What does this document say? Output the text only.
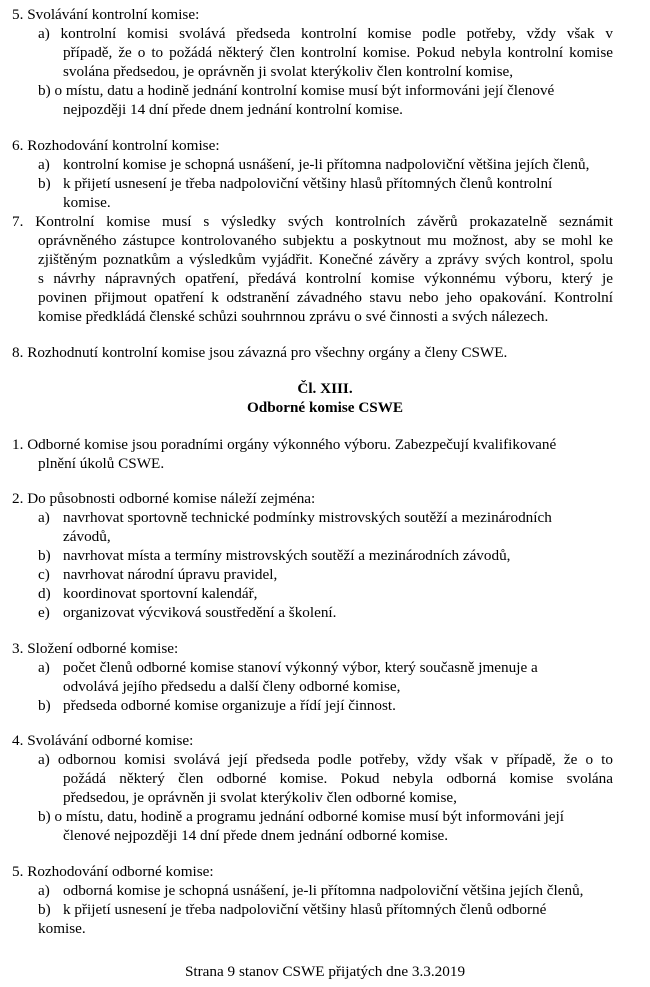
5. Svolávání kontrolní komise:
a) kontrolní komisi svolává předseda kontrolní komise podle potřeby, vždy však v
případě, že o to požádá některý člen kontrolní komise. Pokud nebyla kontrolní komise
svolána předsedou, je oprávněn ji svolat kterýkoliv člen kontrolní komise,
b) o místu, datu a hodině jednání kontrolní komise musí být informováni její členové
nejpozději 14 dní přede dnem jednání kontrolní komise.
6. Rozhodování kontrolní komise:
a) kontrolní komise je schopná usnášení, je-li přítomna nadpoloviční většina jejích členů,
b) k přijetí usnesení je třeba nadpoloviční většiny hlasů přítomných členů kontrolní
komise.
7. Kontrolní komise musí s výsledky svých kontrolních závěrů prokazatelně seznámit
oprávněného zástupce kontrolovaného subjektu a poskytnout mu možnost, aby se mohl ke
zjištěným poznatkům a výsledkům vyjádřit. Konečné závěry a zprávy svých kontrol, spolu
s návrhy nápravných opatření, předává kontrolní komise výkonnému výboru, který je
povinen přijmout opatření k odstranění závadného stavu nebo jeho opakování. Kontrolní
komise předkládá členské schůzi souhrnnou zprávu o své činnosti a svých nálezech.
8. Rozhodnutí kontrolní komise jsou závazná pro všechny orgány a členy CSWE.
Čl. XIII.
Odborné komise CSWE
1. Odborné komise jsou poradními orgány výkonného výboru. Zabezpečují kvalifikované
plnění úkolů CSWE.
2. Do působnosti odborné komise náleží zejména:
a) navrhovat sportovně technické podmínky mistrovských soutěží a mezinárodních
závodů,
b) navrhovat místa a termíny mistrovských soutěží a mezinárodních závodů,
c) navrhovat národní úpravu pravidel,
d) koordinovat sportovní kalendář,
e) organizovat výcviková soustředění a školení.
3. Složení odborné komise:
a) počet členů odborné komise stanoví výkonný výbor, který současně jmenuje a
odvolává jejího předsedu a další členy odborné komise,
b) předseda odborné komise organizuje a řídí její činnost.
4. Svolávání odborné komise:
a) odbornou komisi svolává její předseda podle potřeby, vždy však v případě, že o to
požádá některý člen odborné komise. Pokud nebyla odborná komise svolána
předsedou, je oprávněn ji svolat kterýkoliv člen odborné komise,
b) o místu, datu, hodině a programu jednání odborné komise musí být informováni její
členové nejpozději 14 dní přede dnem jednání odborné komise.
5. Rozhodování odborné komise:
a) odborná komise je schopná usnášení, je-li přítomna nadpoloviční většina jejích členů,
b) k přijetí usnesení je třeba nadpoloviční většiny hlasů přítomných členů odborné
komise.
Strana 9 stanov CSWE přijatých dne 3.3.2019
